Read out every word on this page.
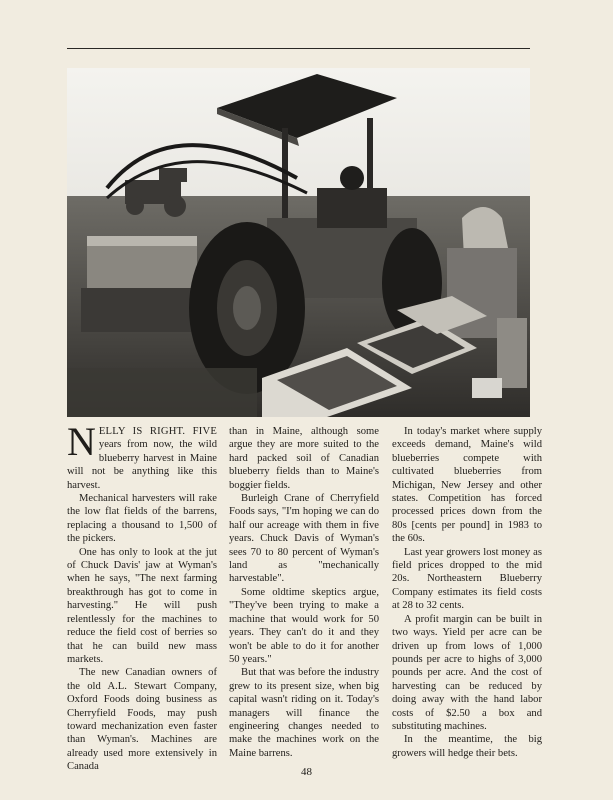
NELLY IS RIGHT. FIVE years from now, the wild blueberry harvest in Maine will not be anything like this harvest.

Mechanical harvesters will rake the low flat fields of the barrens, replacing a thousand to 1,500 of the pickers.

One has only to look at the jut of Chuck Davis' jaw at Wyman's when he says, "The next farming breakthrough has got to come in harvesting." He will push relentlessly for the machines to reduce the field cost of berries so that he can build new mass markets.

The new Canadian owners of the old A.L. Stewart Company, Oxford Foods doing business as Cherryfield Foods, may push toward mechanization even faster than Wyman's. Machines are already used more extensively in Canada

than in Maine, although some argue they are more suited to the hard packed soil of Canadian blueberry fields than to Maine's boggier fields.

Burleigh Crane of Cherryfield Foods says, "I'm hoping we can do half our acreage with them in five years. Chuck Davis of Wyman's sees 70 to 80 percent of Wyman's land as "mechanically harvestable".

Some oldtime skeptics argue, "They've been trying to make a machine that would work for 50 years. They can't do it and they won't be able to do it for another 50 years."

But that was before the industry grew to its present size, when big capital wasn't riding on it. Today's managers will finance the engineering changes needed to make the machines work on the Maine barrens.

In today's market where supply exceeds demand, Maine's wild blueberries compete with cultivated blueberries from Michigan, New Jersey and other states. Competition has forced processed prices down from the 80s [cents per pound] in 1983 to the 60s.

Last year growers lost money as field prices dropped to the mid 20s. Northeastern Blueberry Company estimates its field costs at 28 to 32 cents.

A profit margin can be built in two ways. Yield per acre can be driven up from lows of 1,000 pounds per acre to highs of 3,000 pounds per acre. And the cost of harvesting can be reduced by doing away with the hand labor costs of $2.50 a box and substituting machines.

In the meantime, the big growers will hedge their bets.

48
